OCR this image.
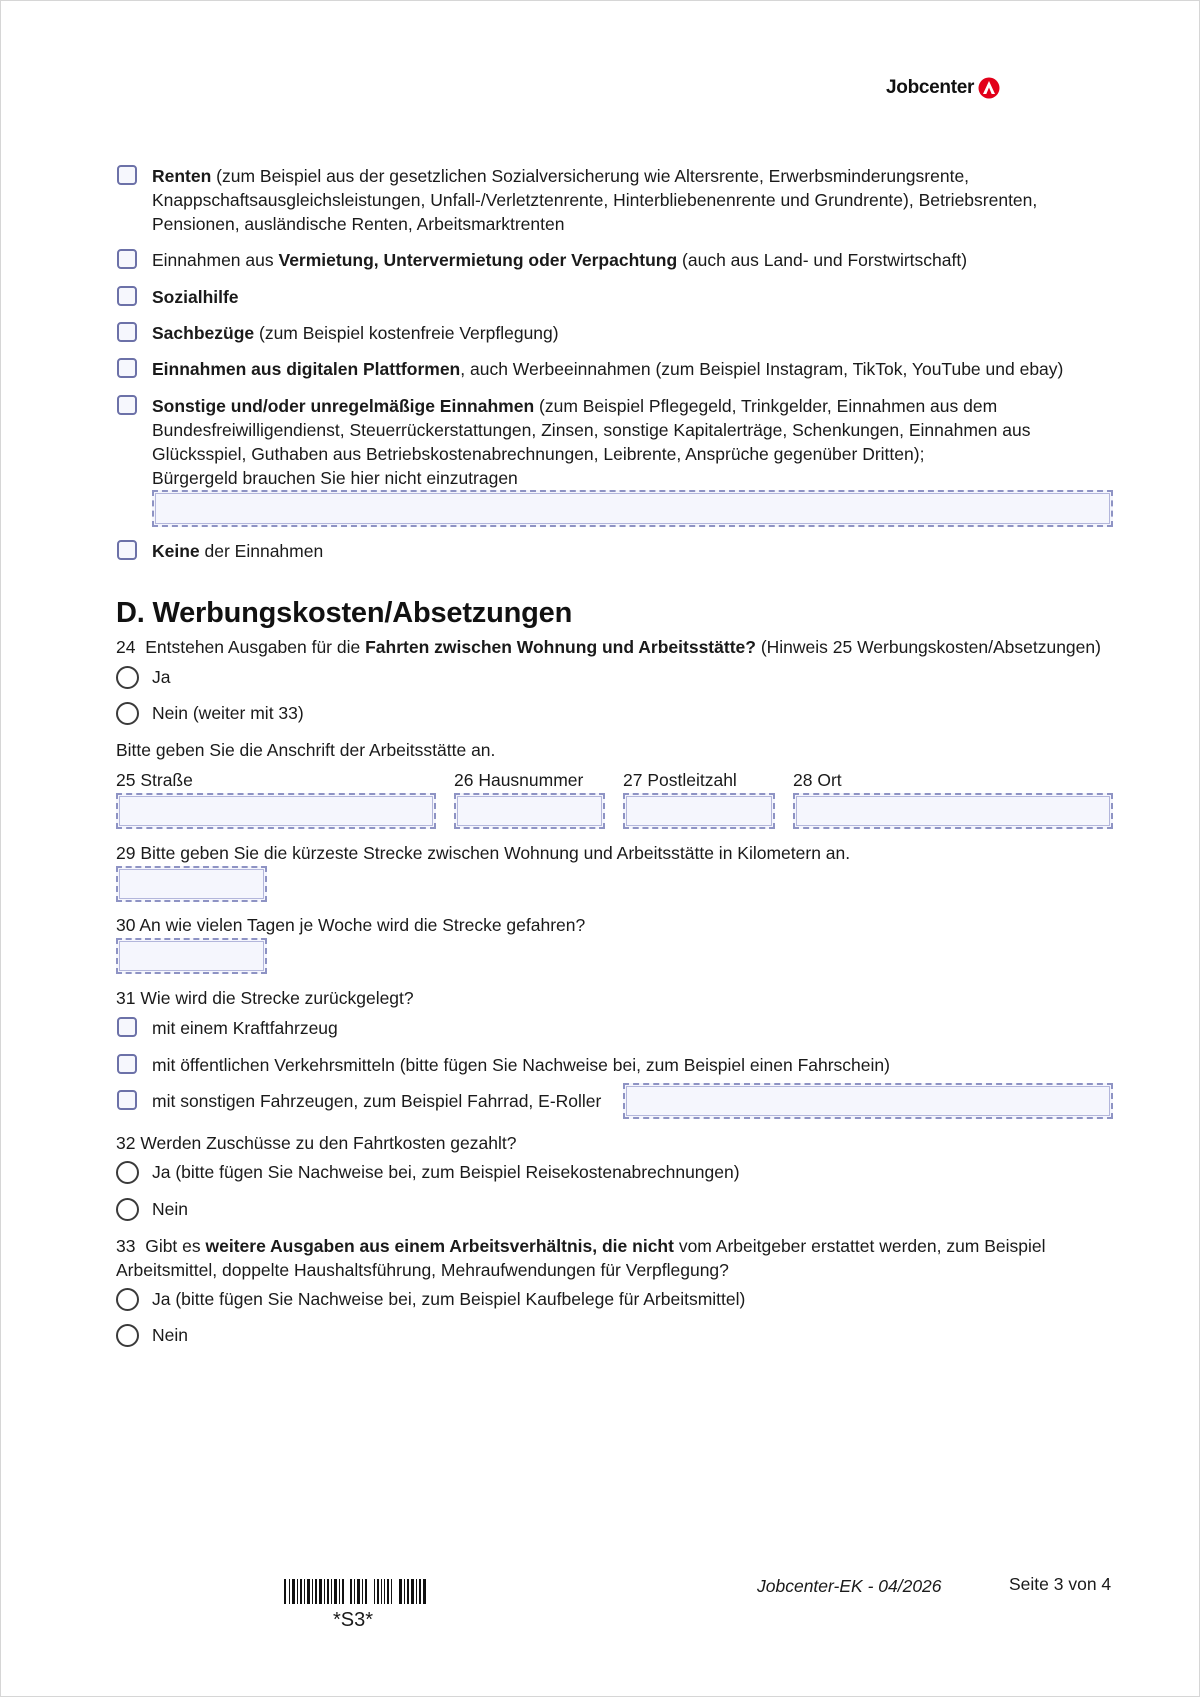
Jobcenter
Renten (zum Beispiel aus der gesetzlichen Sozialversicherung wie Altersrente, Erwerbsminderungsrente,
Knappschaftsausgleichsleistungen, Unfall-/Verletztenrente, Hinterbliebenenrente und Grundrente), Betriebsrenten,
Pensionen, ausländische Renten, Arbeitsmarktrenten
Einnahmen aus Vermietung, Untervermietung oder Verpachtung (auch aus Land- und Forstwirtschaft)
Sozialhilfe
Sachbezüge (zum Beispiel kostenfreie Verpflegung)
Einnahmen aus digitalen Plattformen, auch Werbeeinnahmen (zum Beispiel Instagram, TikTok, YouTube und ebay)
Sonstige und/oder unregelmäßige Einnahmen (zum Beispiel Pflegegeld, Trinkgelder, Einnahmen aus dem
Bundesfreiwilligendienst, Steuerrückerstattungen, Zinsen, sonstige Kapitalerträge, Schenkungen, Einnahmen aus
Glücksspiel, Guthaben aus Betriebskostenabrechnungen, Leibrente, Ansprüche gegenüber Dritten);
Bürgergeld brauchen Sie hier nicht einzutragen
Keine der Einnahmen
D. Werbungskosten/Absetzungen
24 Entstehen Ausgaben für die Fahrten zwischen Wohnung und Arbeitsstätte? (Hinweis 25 Werbungskosten/Absetzungen)
Ja
Nein (weiter mit 33)
Bitte geben Sie die Anschrift der Arbeitsstätte an.
25 Straße	26 Hausnummer 27 Postleitzahl	28 Ort
29 Bitte geben Sie die kürzeste Strecke zwischen Wohnung und Arbeitsstätte in Kilometern an.
30 An wie vielen Tagen je Woche wird die Strecke gefahren?
31 Wie wird die Strecke zurückgelegt?
mit einem Kraftfahrzeug
mit öffentlichen Verkehrsmitteln (bitte fügen Sie Nachweise bei, zum Beispiel einen Fahrschein)
mit sonstigen Fahrzeugen, zum Beispiel Fahrrad, E-Roller
32 Werden Zuschüsse zu den Fahrtkosten gezahlt?
Ja (bitte fügen Sie Nachweise bei, zum Beispiel Reisekostenabrechnungen)
Nein
33 Gibt es weitere Ausgaben aus einem Arbeitsverhältnis, die nicht vom Arbeitgeber erstattet werden, zum Beispiel
Arbeitsmittel, doppelte Haushaltsführung, Mehraufwendungen für Verpflegung?
Ja (bitte fügen Sie Nachweise bei, zum Beispiel Kaufbelege für Arbeitsmittel)
Nein
*S3*
Jobcenter-EK - 04/2026	Seite 3 von 4
